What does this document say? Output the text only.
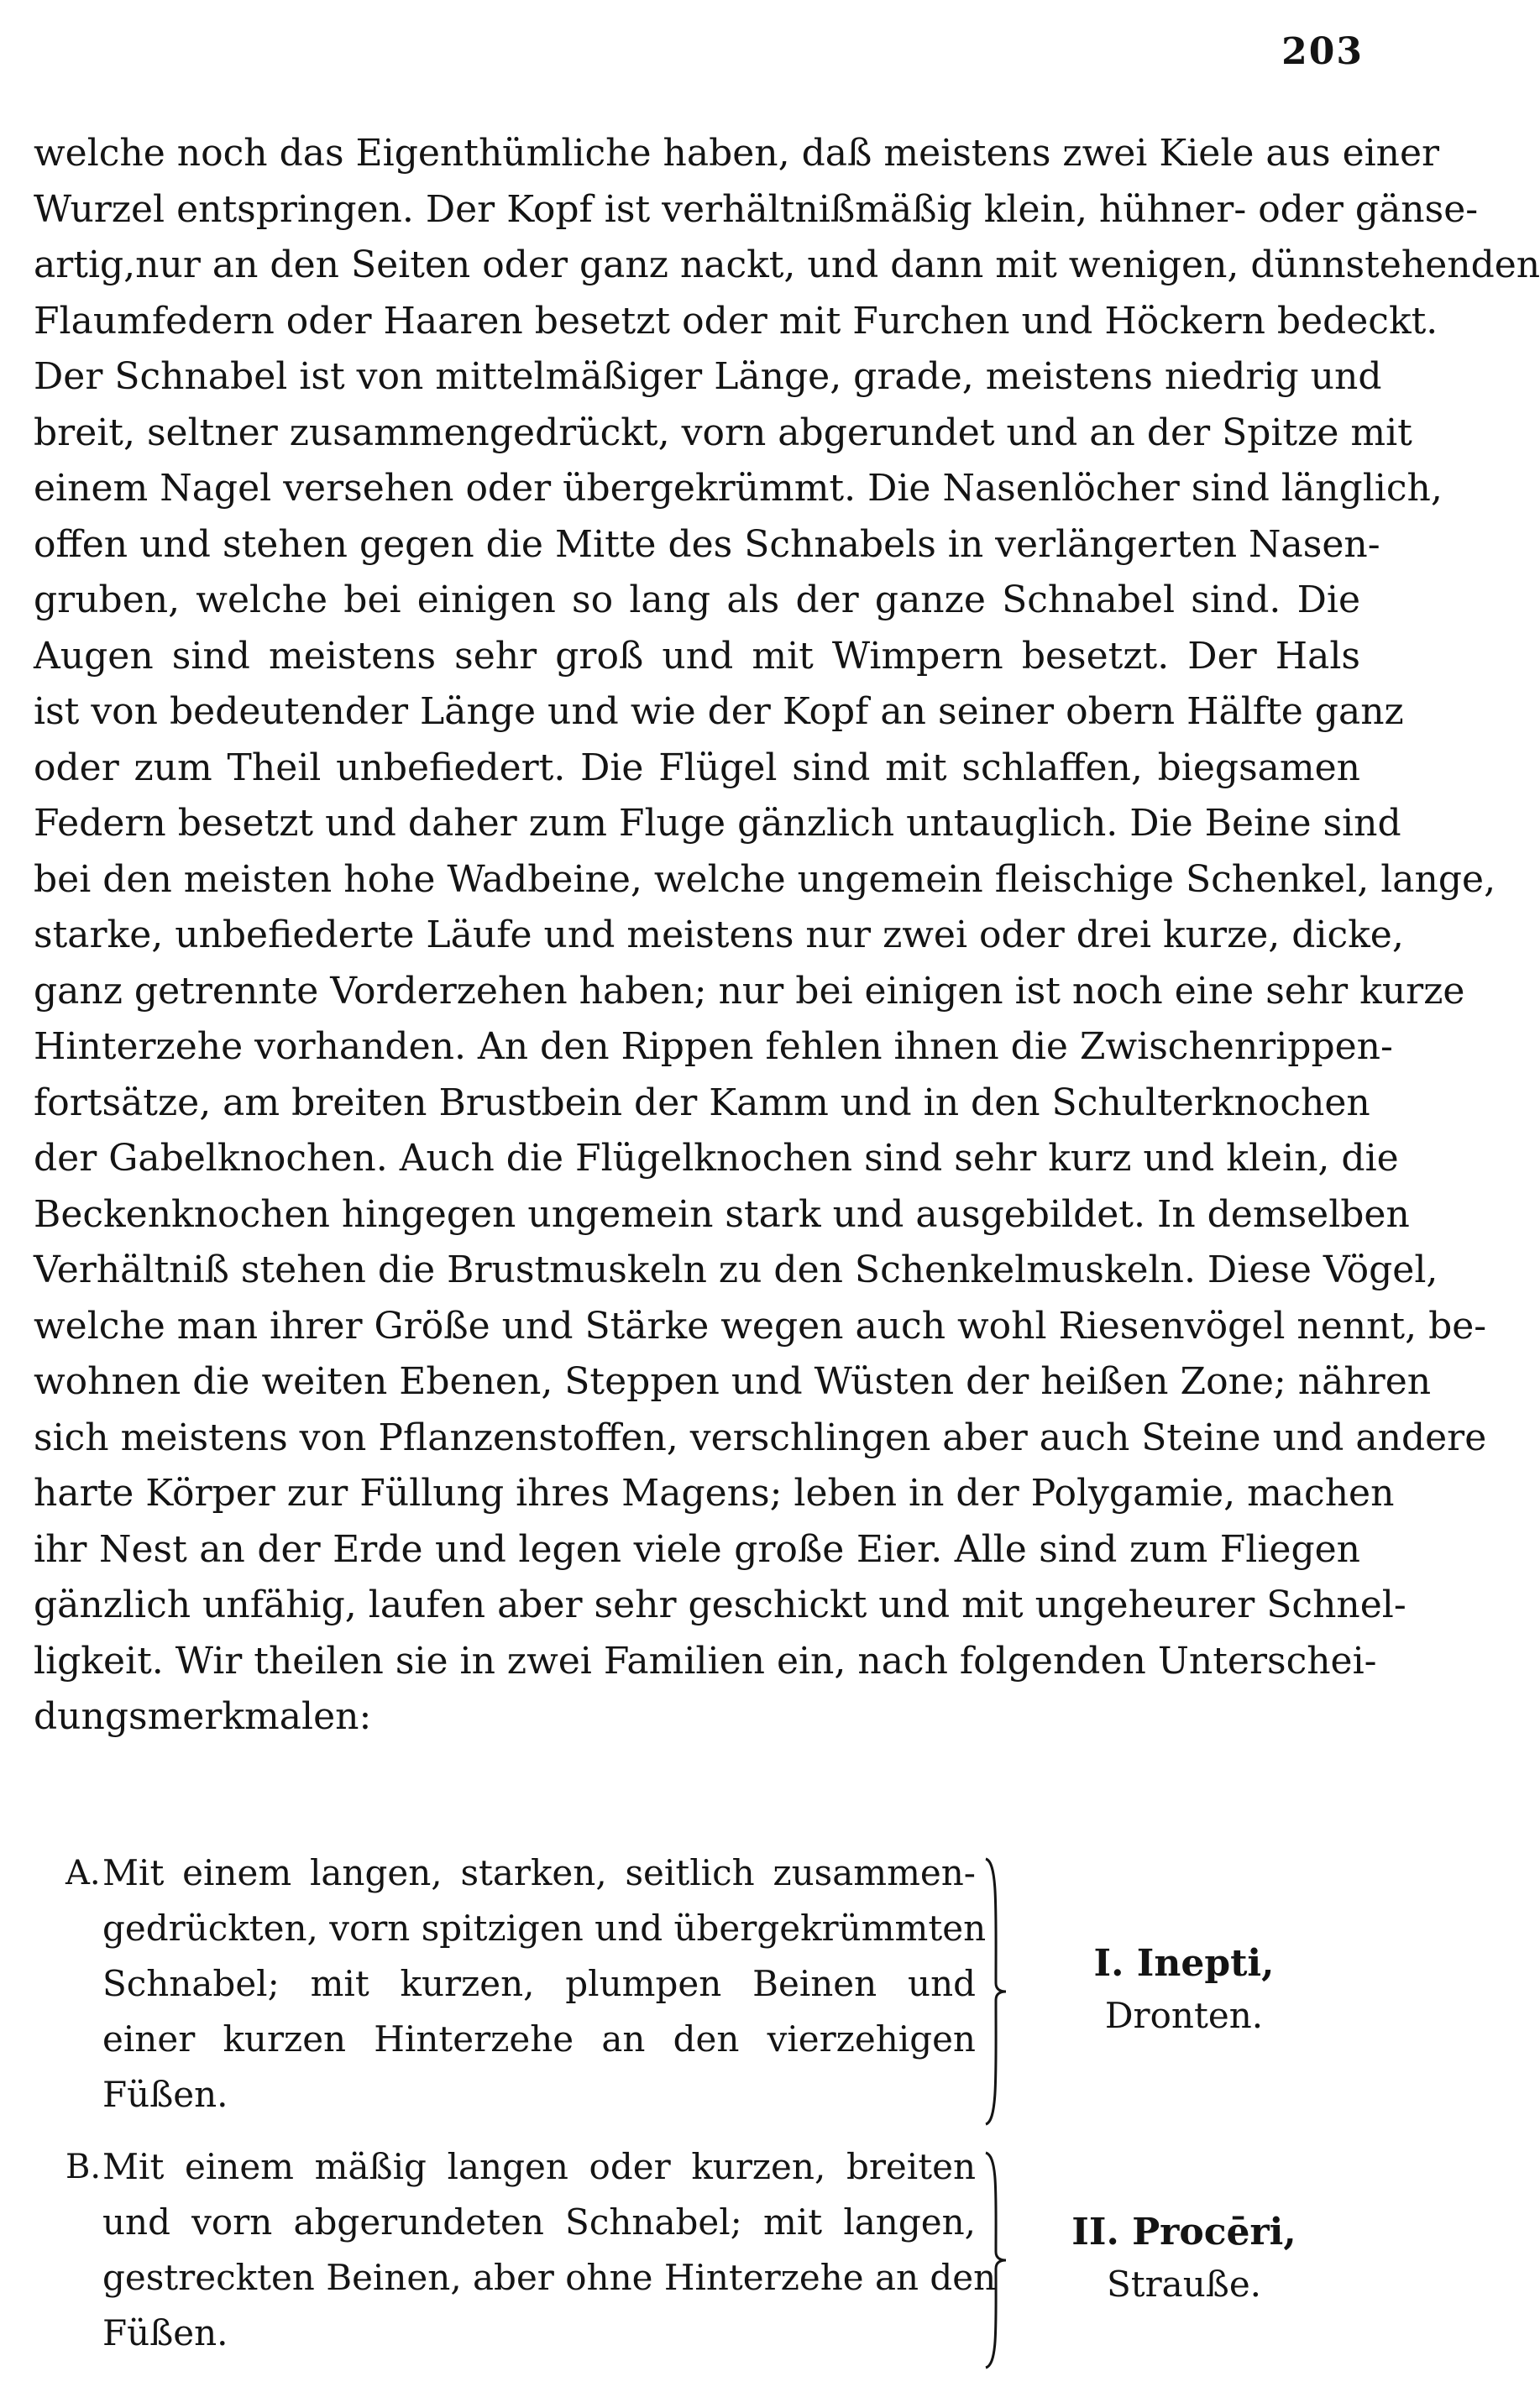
203
welche noch das Eigenthümliche haben, daß meistens zwei Kiele aus einer
Wurzel entspringen. Der Kopf ist verhältnißmäßig klein, hühner- oder gänse-
artig,nur an den Seiten oder ganz nackt, und dann mit wenigen, dünnstehenden
Flaumfedern oder Haaren besetzt oder mit Furchen und Höckern bedeckt.
Der Schnabel ist von mittelmäßiger Länge, grade, meistens niedrig und
breit, seltner zusammengedrückt, vorn abgerundet und an der Spitze mit
einem Nagel versehen oder übergekrümmt. Die Nasenlöcher sind länglich,
offen und stehen gegen die Mitte des Schnabels in verlängerten Nasen-
gruben, welche bei einigen so lang als der ganze Schnabel sind. Die
Augen sind meistens sehr groß und mit Wimpern besetzt. Der Hals
ist von bedeutender Länge und wie der Kopf an seiner obern Hälfte ganz
oder zum Theil unbefiedert. Die Flügel sind mit schlaffen, biegsamen
Federn besetzt und daher zum Fluge gänzlich untauglich. Die Beine sind
bei den meisten hohe Wadbeine, welche ungemein fleischige Schenkel, lange,
starke, unbefiederte Läufe und meistens nur zwei oder drei kurze, dicke,
ganz getrennte Vorderzehen haben; nur bei einigen ist noch eine sehr kurze
Hinterzehe vorhanden. An den Rippen fehlen ihnen die Zwischenrippen-
fortsätze, am breiten Brustbein der Kamm und in den Schulterknochen
der Gabelknochen. Auch die Flügelknochen sind sehr kurz und klein, die
Beckenknochen hingegen ungemein stark und ausgebildet. In demselben
Verhältniß stehen die Brustmuskeln zu den Schenkelmuskeln. Diese Vögel,
welche man ihrer Größe und Stärke wegen auch wohl Riesenvögel nennt, be-
wohnen die weiten Ebenen, Steppen und Wüsten der heißen Zone; nähren
sich meistens von Pflanzenstoffen, verschlingen aber auch Steine und andere
harte Körper zur Füllung ihres Magens; leben in der Polygamie, machen
ihr Nest an der Erde und legen viele große Eier. Alle sind zum Fliegen
gänzlich unfähig, laufen aber sehr geschickt und mit ungeheurer Schnel-
ligkeit. Wir theilen sie in zwei Familien ein, nach folgenden Unterschei-
dungsmerkmalen:
A. Mit einem langen, starken, seitlich zusammen-
gedrückten, vorn spitzigen und übergekrümmten
Schnabel; mit kurzen, plumpen Beinen und
einer kurzen Hinterzehe an den vierzehigen
Füßen.
I. Inepti,
Dronten.
B. Mit einem mäßig langen oder kurzen, breiten
und vorn abgerundeten Schnabel; mit langen,
gestreckten Beinen, aber ohne Hinterzehe an den
Füßen.
II. Procēri,
Strauße.
